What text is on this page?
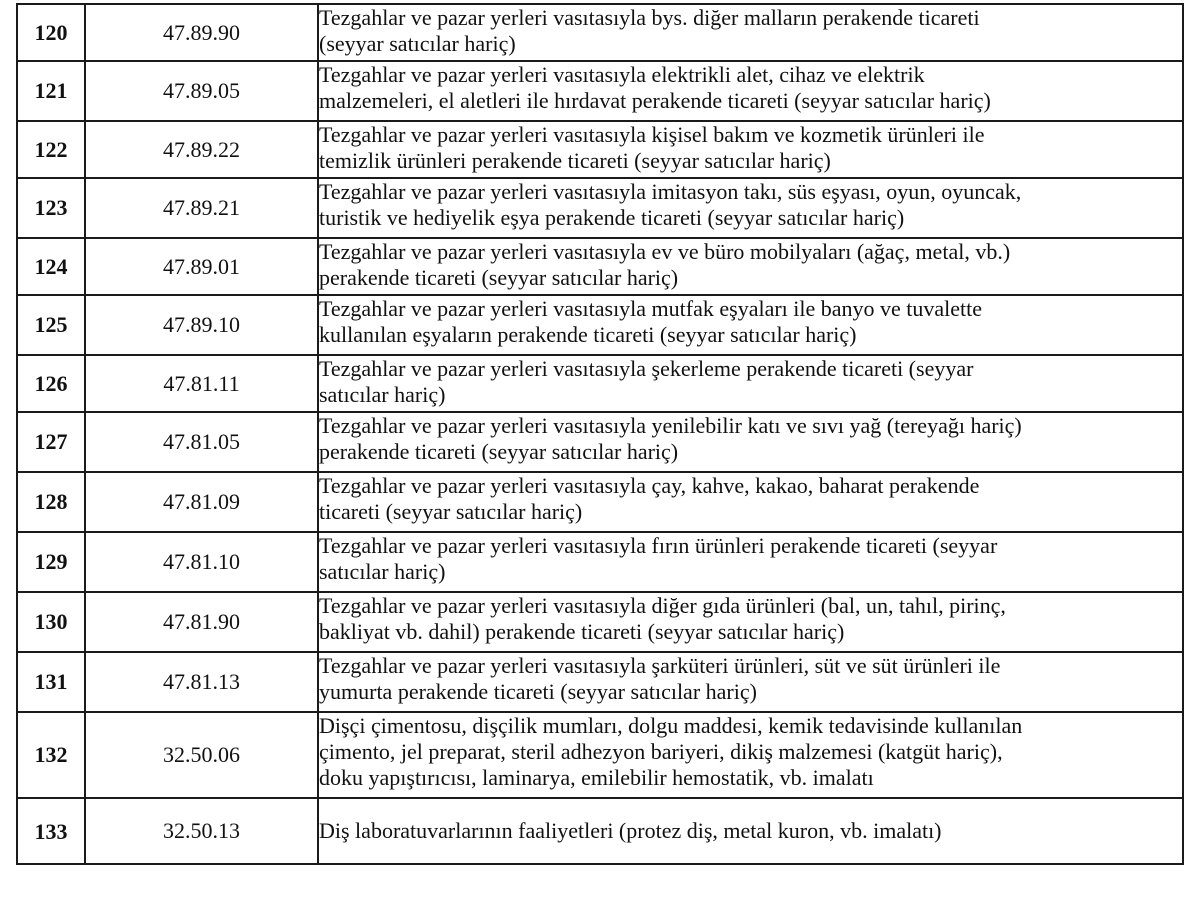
120	47.89.90	Tezgahlar ve pazar yerleri vasıtasıyla bys. diğer malların perakende ticareti
(seyyar satıcılar hariç)

121	47.89.05	Tezgahlar ve pazar yerleri vasıtasıyla elektrikli alet, cihaz ve elektrik
malzemeleri, el aletleri ile hırdavat perakende ticareti (seyyar satıcılar hariç)

122	47.89.22	Tezgahlar ve pazar yerleri vasıtasıyla kişisel bakım ve kozmetik ürünleri ile
temizlik ürünleri perakende ticareti (seyyar satıcılar hariç)

123	47.89.21	Tezgahlar ve pazar yerleri vasıtasıyla imitasyon takı, süs eşyası, oyun, oyuncak,
turistik ve hediyelik eşya perakende ticareti (seyyar satıcılar hariç)

124	47.89.01	Tezgahlar ve pazar yerleri vasıtasıyla ev ve büro mobilyaları (ağaç, metal, vb.)
perakende ticareti (seyyar satıcılar hariç)

125	47.89.10	Tezgahlar ve pazar yerleri vasıtasıyla mutfak eşyaları ile banyo ve tuvalette
kullanılan eşyaların perakende ticareti (seyyar satıcılar hariç)

126	47.81.11	Tezgahlar ve pazar yerleri vasıtasıyla şekerleme perakende ticareti (seyyar
satıcılar hariç)

127	47.81.05	Tezgahlar ve pazar yerleri vasıtasıyla yenilebilir katı ve sıvı yağ (tereyağı hariç)
perakende ticareti (seyyar satıcılar hariç)

128	47.81.09	Tezgahlar ve pazar yerleri vasıtasıyla çay, kahve, kakao, baharat perakende
ticareti (seyyar satıcılar hariç)

129	47.81.10	Tezgahlar ve pazar yerleri vasıtasıyla fırın ürünleri perakende ticareti (seyyar
satıcılar hariç)

130	47.81.90	Tezgahlar ve pazar yerleri vasıtasıyla diğer gıda ürünleri (bal, un, tahıl, pirinç,
bakliyat vb. dahil) perakende ticareti (seyyar satıcılar hariç)

131	47.81.13	Tezgahlar ve pazar yerleri vasıtasıyla şarküteri ürünleri, süt ve süt ürünleri ile
yumurta perakende ticareti (seyyar satıcılar hariç)

132	32.50.06	Dişçi çimentosu, dişçilik mumları, dolgu maddesi, kemik tedavisinde kullanılan
çimento, jel preparat, steril adhezyon bariyeri, dikiş malzemesi (katgüt hariç),
doku yapıştırıcısı, laminarya, emilebilir hemostatik, vb. imalatı

133	32.50.13	Diş laboratuvarlarının faaliyetleri (protez diş, metal kuron, vb. imalatı)
